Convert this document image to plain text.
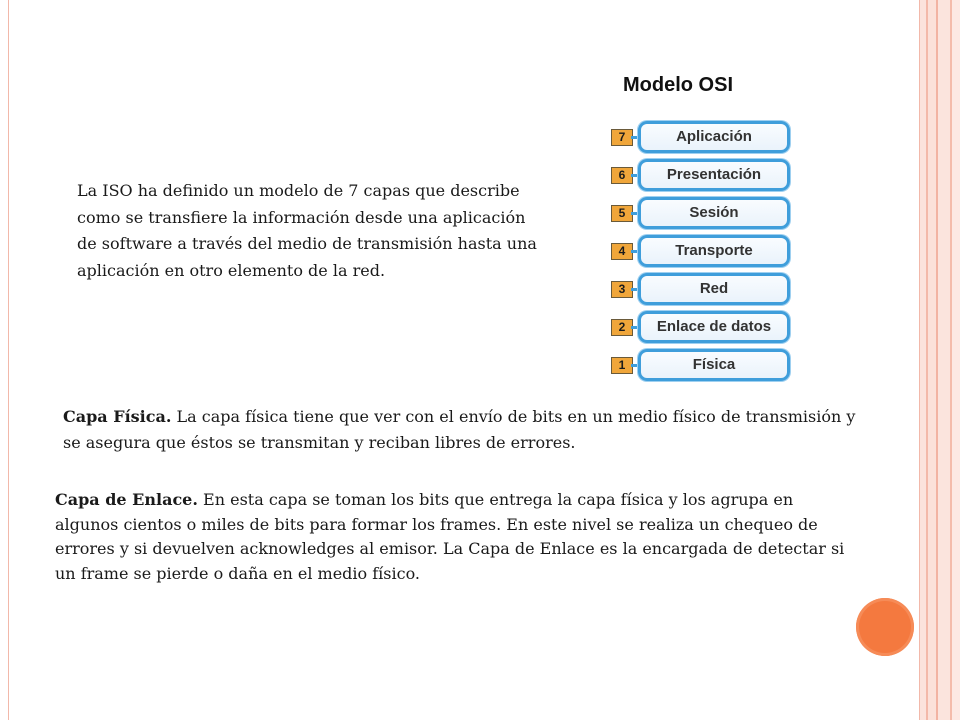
Modelo OSI
7	Aplicación
6	Presentación
5	Sesión
4	Transporte
3	Red
2	Enlace de datos
1	Física
La ISO ha definido un modelo de 7 capas que describe como se transfiere la información desde una aplicación de software a través del medio de transmisión hasta una aplicación en otro elemento de la red.
Capa Física. La capa física tiene que ver con el envío de bits en un medio físico de transmisión y se asegura que éstos se transmitan y reciban libres de errores.
Capa de Enlace. En esta capa se toman los bits que entrega la capa física y los agrupa en algunos cientos o miles de bits para formar los frames. En este nivel se realiza un chequeo de errores y si devuelven acknowledges al emisor. La Capa de Enlace es la encargada de detectar si un frame se pierde o daña en el medio físico.
